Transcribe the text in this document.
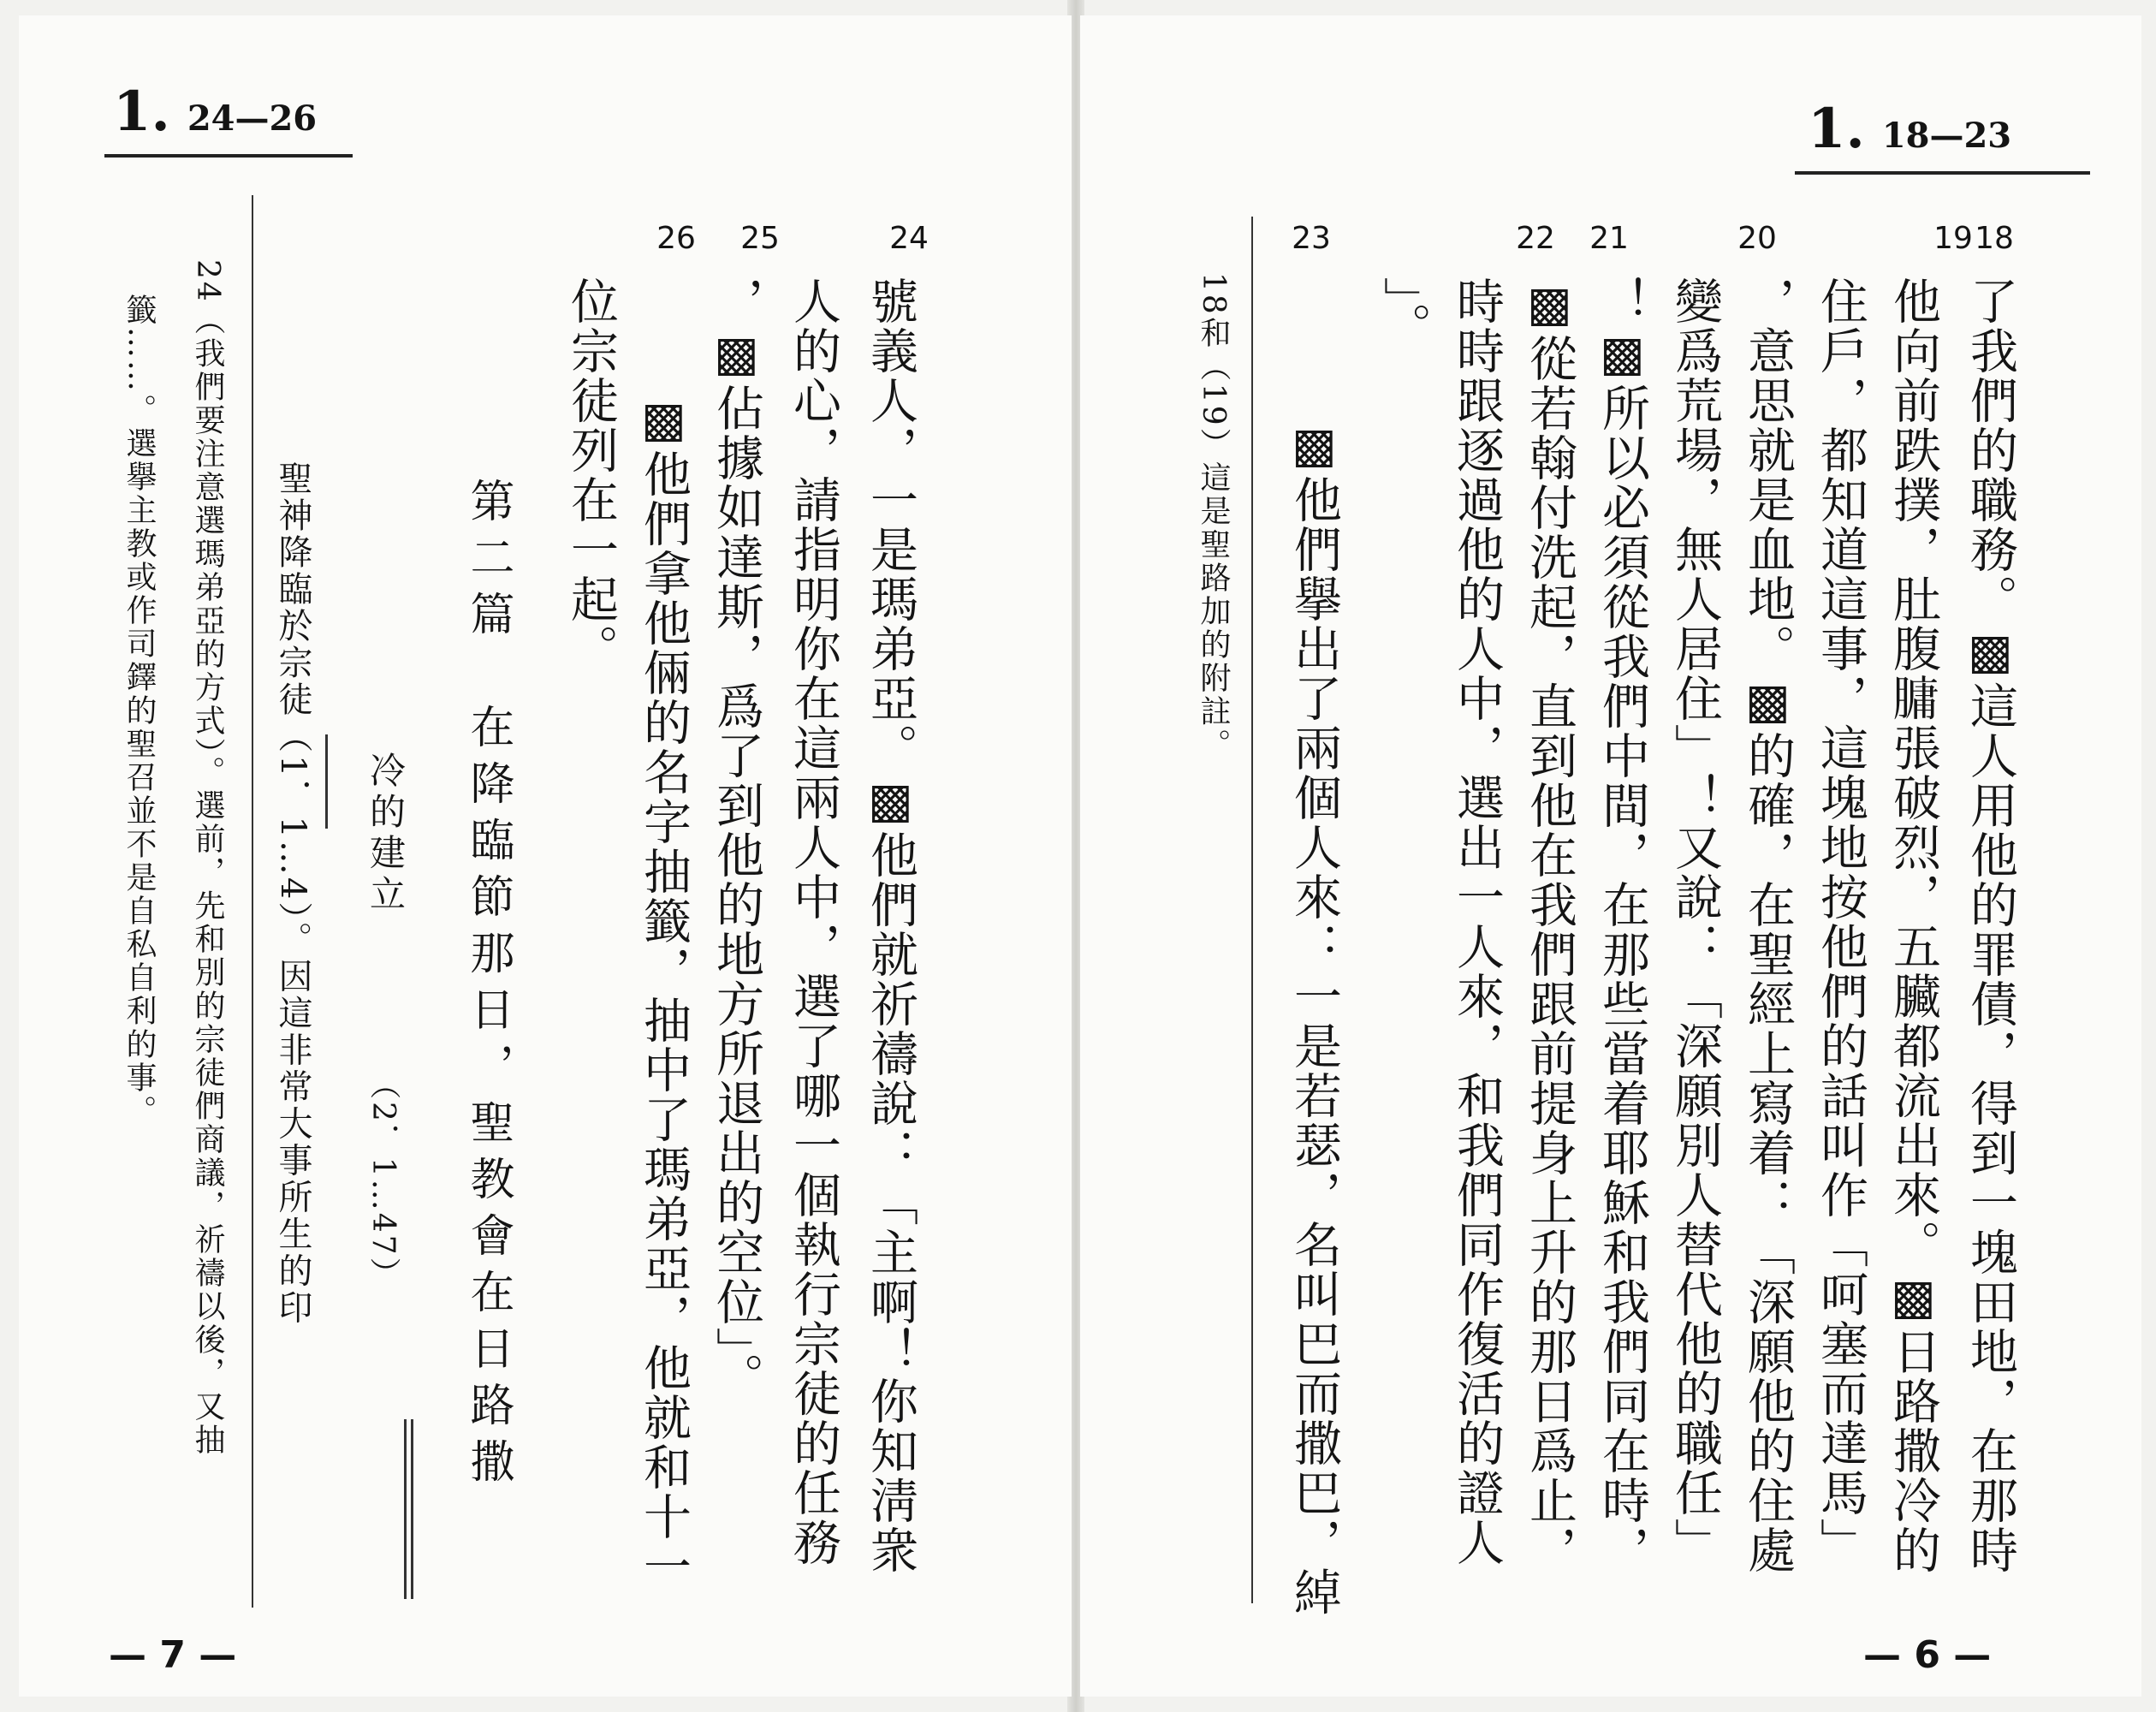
1. 24—26
24
25
26
號義人，一是瑪弟亞。▩他們就祈禱說：「主啊！你知淸衆
人的心，請指明你在這兩人中，選了哪一個執行宗徒的任務
，▩佔據如達斯，爲了到他的地方所退出的空位」。
▩他們拿他倆的名字抽籤，抽中了瑪弟亞，他就和十一
位宗徒列在一起。
第二篇　在降臨節那日，聖教會在日路撒
冷的建立
（2．1…47）
聖神降臨於宗徒（1．1…4）。因這非常大事所生的印
24（我們要注意選瑪弟亞的方式）。選前，先和別的宗徒們商議，祈禱以後，又抽
籤……。選擧主教或作司鐸的聖召並不是自私自利的事。
— 7 —
1. 18—23
18
19
20
21
22
23
了我們的職務。▩這人用他的罪債，得到一塊田地，在那時
他向前跌撲，肚腹𦟛張破烈，五臟都流出來。▩日路撒冷的
住戶，都知道這事，這塊地按他們的話叫作「呵塞而達馬」
，意思就是血地。▩的確，在聖經上寫着：「深願他的住處
變爲荒場，無人居住」！又說：「深願別人替代他的職任」
！▩所以必須從我們中間，在那些當着耶穌和我們同在時，
▩從若翰付洗起，直到他在我們跟前提身上升的那日爲止，
時時跟逐過他的人中，選出一人來，和我們同作復活的證人
」。
▩他們擧出了兩個人來：一是若瑟，名叫巴而撒巴，綽
18和（19）這是聖路加的附註。
— 6 —
